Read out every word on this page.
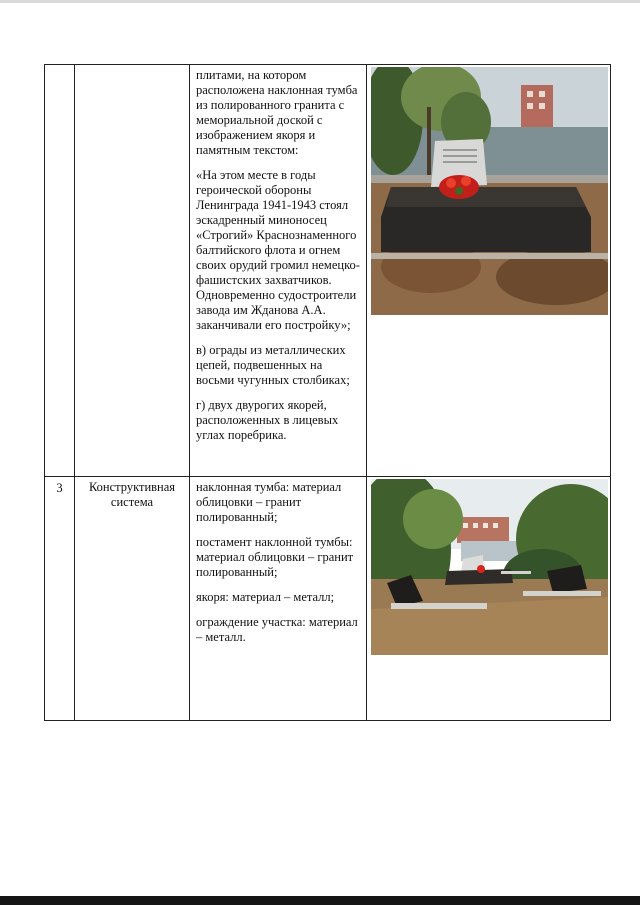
		плитами, на котором расположена наклонная тумба из полированного гранита с мемориальной доской с изображением якоря и памятным текстом:

«На этом месте в годы героической обороны Ленинграда 1941-1943 стоял эскадренный миноносец «Строгий» Краснознаменного балтийского флота и огнем своих орудий громил немецко-фашистских захватчиков. Одновременно судостроители завода им Жданова А.А. заканчивали его постройку»;

в) ограды из металлических цепей, подвешенных на восьми чугунных столбиках;

г) двух двурогих якорей, расположенных в лицевых углах поребрика.

3	Конструктивная система	наклонная тумба: материал облицовки – гранит полированный;

постамент наклонной тумбы: материал облицовки – гранит полированный;

якоря: материал – металл;

ограждение участка: материал – металл.
